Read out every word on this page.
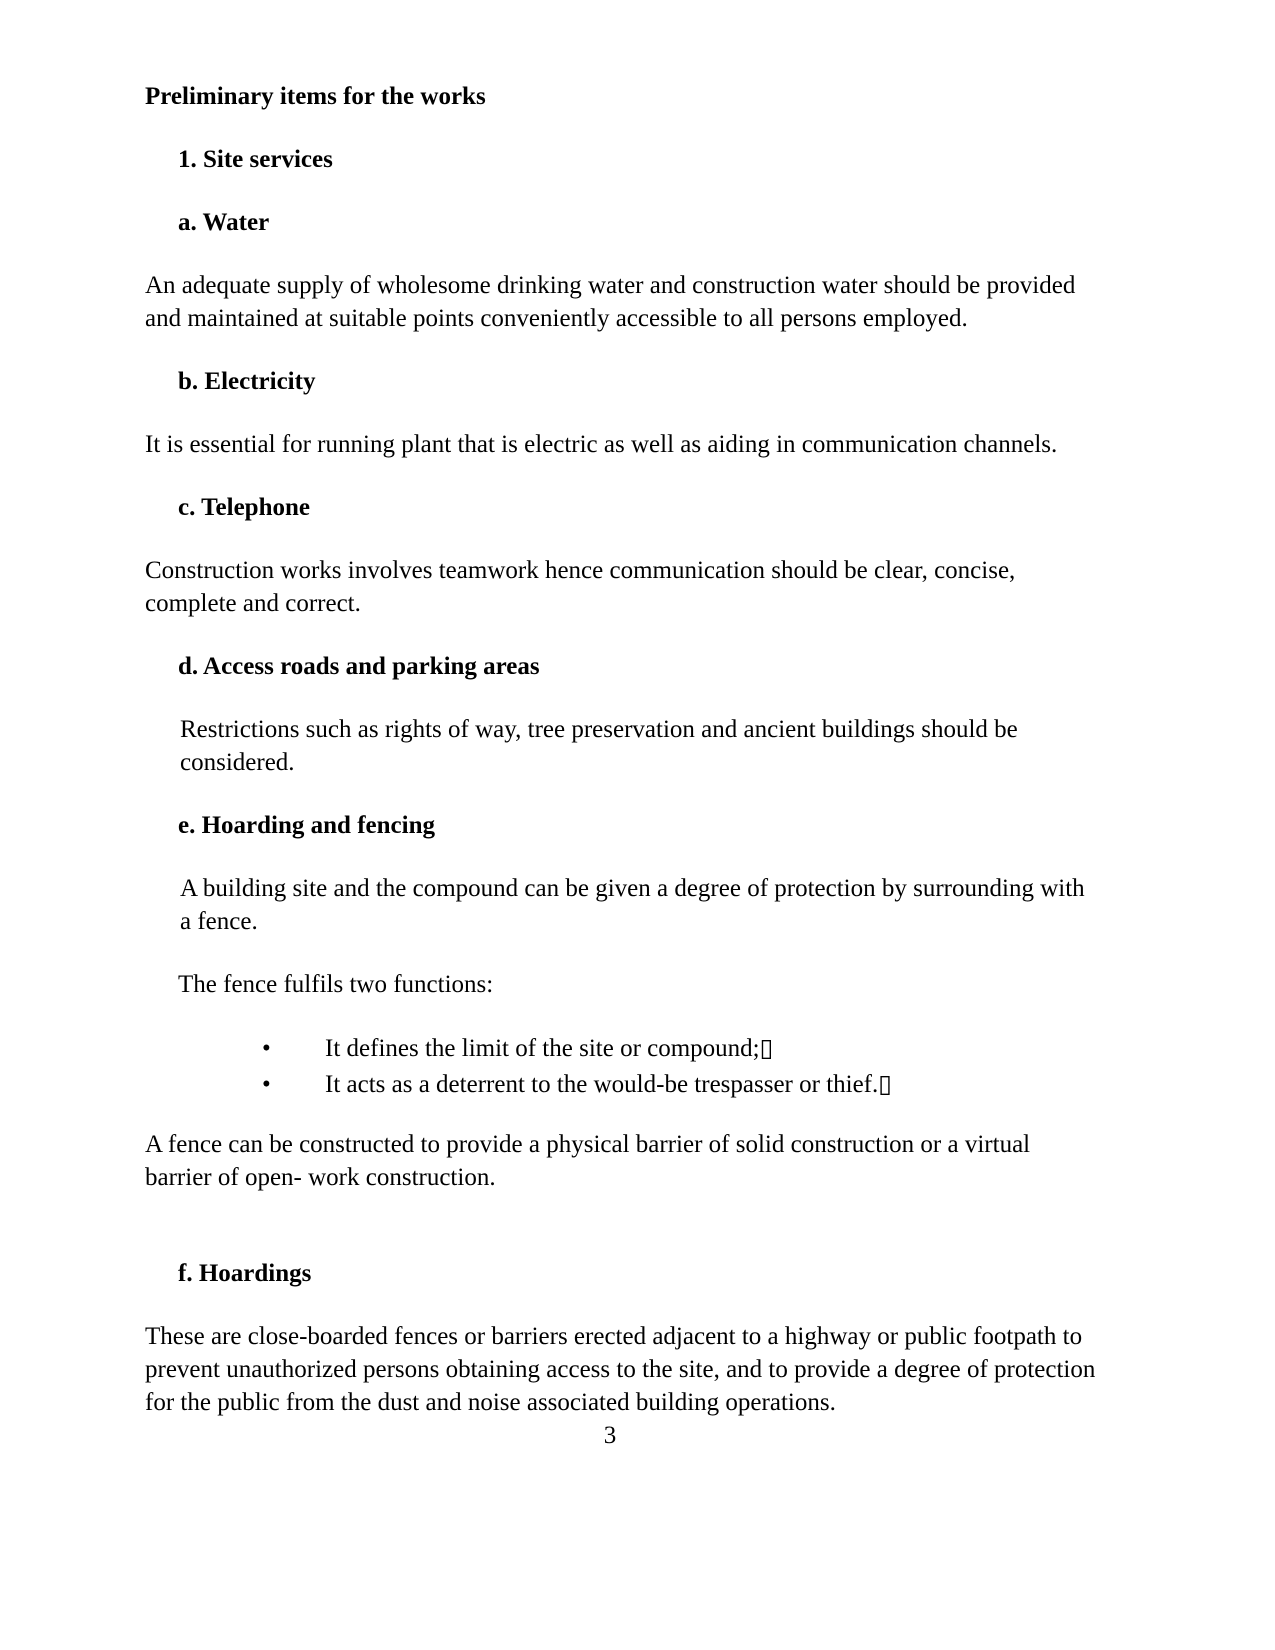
Preliminary items for the works
1. Site services
a. Water

An adequate supply of wholesome drinking water and construction water should be provided and maintained at suitable points conveniently accessible to all persons employed.

b. Electricity

It is essential for running plant that is electric as well as aiding in communication channels.

c. Telephone

Construction works involves teamwork hence communication should be clear, concise, complete and correct.

d. Access roads and parking areas

Restrictions such as rights of way, tree preservation and ancient buildings should be considered.

e. Hoarding and fencing

A building site and the compound can be given a degree of protection by surrounding with a fence.

The fence fulfils two functions:

It defines the limit of the site or compound;▯
It acts as a deterrent to the would-be trespasser or thief.▯

A fence can be constructed to provide a physical barrier of solid construction or a virtual barrier of open- work construction.

f. Hoardings

These are close-boarded fences or barriers erected adjacent to a highway or public footpath to prevent unauthorized persons obtaining access to the site, and to provide a degree of protection for the public from the dust and noise associated building operations.

3
